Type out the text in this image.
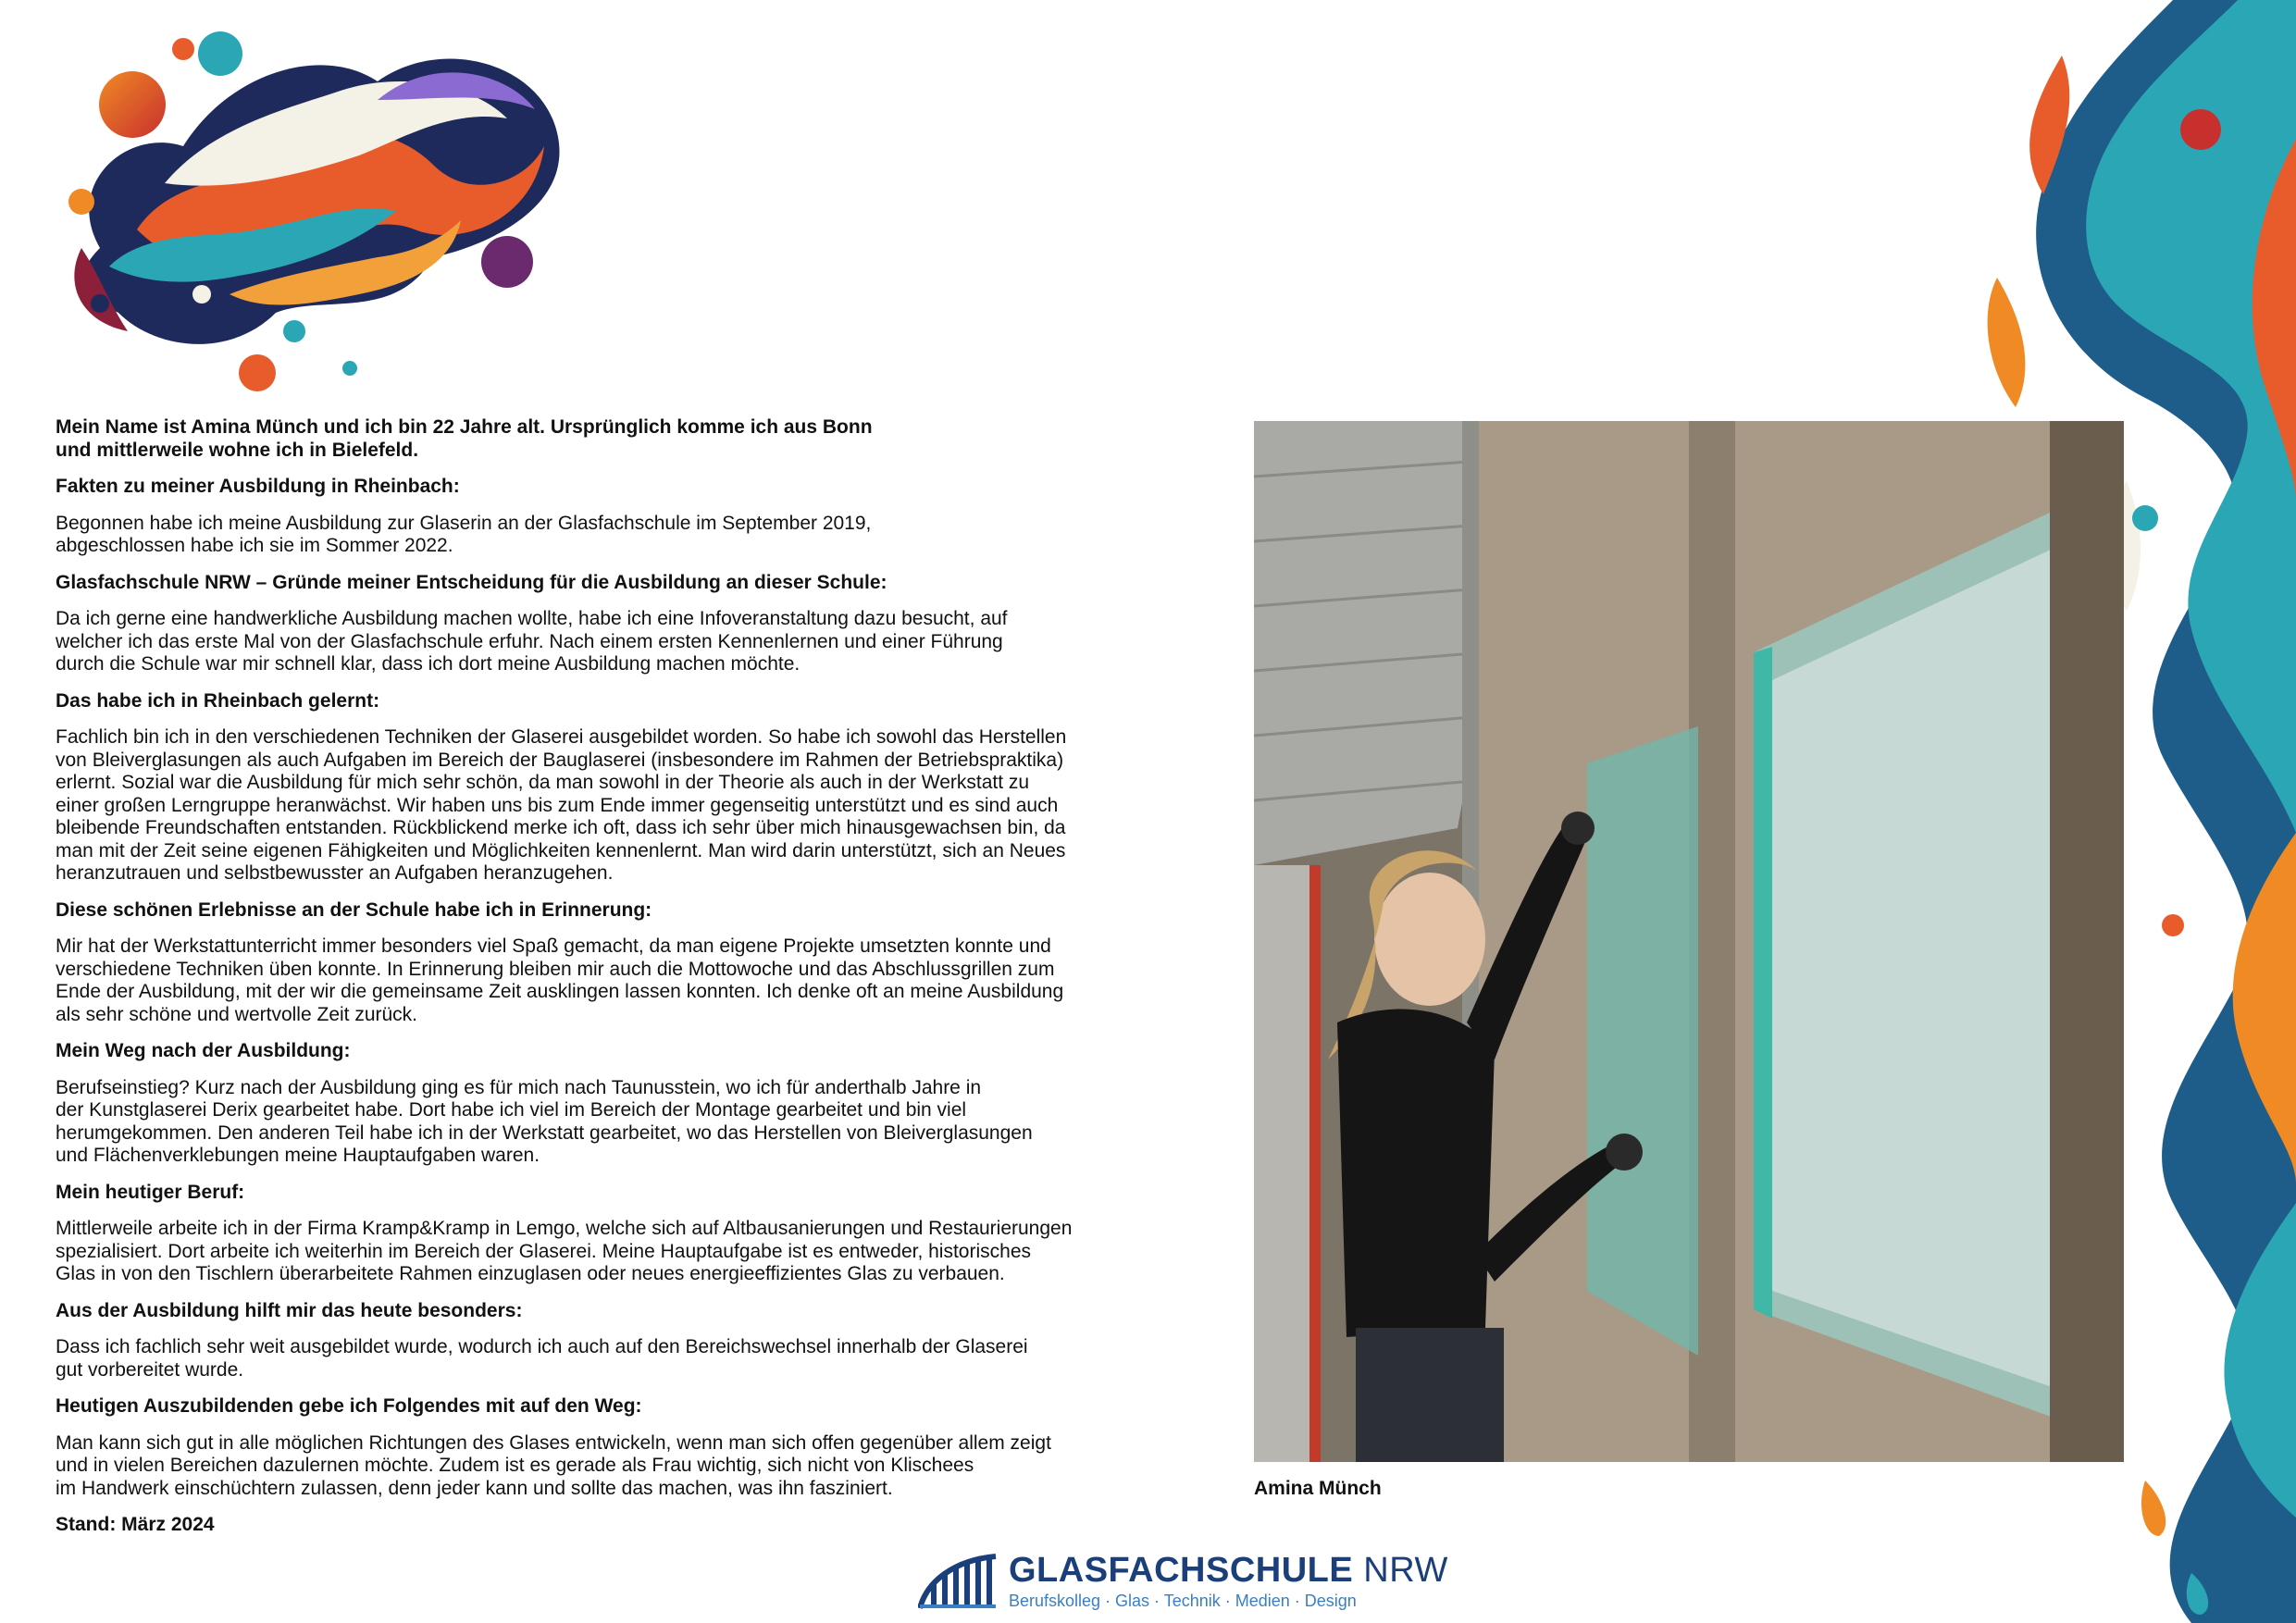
Mein Name ist Amina Münch und ich bin 22 Jahre alt. Ursprünglich komme ich aus Bonn
und mittlerweile wohne ich in Bielefeld.

Fakten zu meiner Ausbildung in Rheinbach:

Begonnen habe ich meine Ausbildung zur Glaserin an der Glasfachschule im September 2019,
abgeschlossen habe ich sie im Sommer 2022.

Glasfachschule NRW – Gründe meiner Entscheidung für die Ausbildung an dieser Schule:

Da ich gerne eine handwerkliche Ausbildung machen wollte, habe ich eine Infoveranstaltung dazu besucht, auf
welcher ich das erste Mal von der Glasfachschule erfuhr. Nach einem ersten Kennenlernen und einer Führung
durch die Schule war mir schnell klar, dass ich dort meine Ausbildung machen möchte.

Das habe ich in Rheinbach gelernt:

Fachlich bin ich in den verschiedenen Techniken der Glaserei ausgebildet worden. So habe ich sowohl das Herstellen
von Bleiverglasungen als auch Aufgaben im Bereich der Bauglaserei (insbesondere im Rahmen der Betriebspraktika)
erlernt. Sozial war die Ausbildung für mich sehr schön, da man sowohl in der Theorie als auch in der Werkstatt zu
einer großen Lerngruppe heranwächst. Wir haben uns bis zum Ende immer gegenseitig unterstützt und es sind auch
bleibende Freundschaften entstanden. Rückblickend merke ich oft, dass ich sehr über mich hinausgewachsen bin, da
man mit der Zeit seine eigenen Fähigkeiten und Möglichkeiten kennenlernt. Man wird darin unterstützt, sich an Neues
heranzutrauen und selbstbewusster an Aufgaben heranzugehen.

Diese schönen Erlebnisse an der Schule habe ich in Erinnerung:

Mir hat der Werkstattunterricht immer besonders viel Spaß gemacht, da man eigene Projekte umsetzten konnte und
verschiedene Techniken üben konnte. In Erinnerung bleiben mir auch die Mottowoche und das Abschlussgrillen zum
Ende der Ausbildung, mit der wir die gemeinsame Zeit ausklingen lassen konnten. Ich denke oft an meine Ausbildung
als sehr schöne und wertvolle Zeit zurück.

Mein Weg nach der Ausbildung:

Berufseinstieg? Kurz nach der Ausbildung ging es für mich nach Taunusstein, wo ich für anderthalb Jahre in
der Kunstglaserei Derix gearbeitet habe. Dort habe ich viel im Bereich der Montage gearbeitet und bin viel
herumgekommen. Den anderen Teil habe ich in der Werkstatt gearbeitet, wo das Herstellen von Bleiverglasungen
und Flächenverklebungen meine Hauptaufgaben waren.

Mein heutiger Beruf:

Mittlerweile arbeite ich in der Firma Kramp&Kramp in Lemgo, welche sich auf Altbausanierungen und Restaurierungen
spezialisiert. Dort arbeite ich weiterhin im Bereich der Glaserei. Meine Hauptaufgabe ist es entweder, historisches
Glas in von den Tischlern überarbeitete Rahmen einzuglasen oder neues energieeffizientes Glas zu verbauen.

Aus der Ausbildung hilft mir das heute besonders:

Dass ich fachlich sehr weit ausgebildet wurde, wodurch ich auch auf den Bereichswechsel innerhalb der Glaserei
gut vorbereitet wurde.

Heutigen Auszubildenden gebe ich Folgendes mit auf den Weg:

Man kann sich gut in alle möglichen Richtungen des Glases entwickeln, wenn man sich offen gegenüber allem zeigt
und in vielen Bereichen dazulernen möchte. Zudem ist es gerade als Frau wichtig, sich nicht von Klischees
im Handwerk einschüchtern zulassen, denn jeder kann und sollte das machen, was ihn fasziniert.

Stand: März 2024

Amina Münch
GLASFACHSCHULE NRW
Berufskolleg · Glas · Technik · Medien · Design
